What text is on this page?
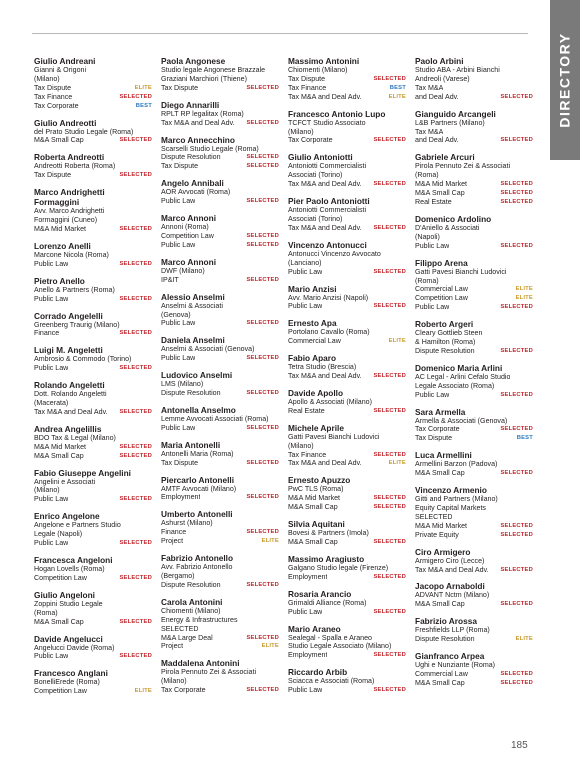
DIRECTORY
Giulio Andreani
Gianni & Origoni
(Milano)
Tax Dispute	ELITE
Tax Finance	SELECTED
Tax Corporate	BEST
Giulio Andreotti
del Prato Studio Legale (Roma)
M&A Small Cap	SELECTED
Roberta Andreotti
Andreotti Roberta (Roma)
Tax Dispute	SELECTED
Marco Andrighetti Formaggini
Avv. Marco Andrighetti
Formaggini (Cuneo)
M&A Mid Market	SELECTED
Lorenzo Anelli
Marcone Nicola (Roma)
Public Law	SELECTED
Pietro Anello
Anello & Partners (Roma)
Public Law	SELECTED
Corrado Angelelli
Greenberg Traurig (Milano)
Finance	SELECTED
Luigi M. Angeletti
Ambrosio & Commodo (Torino)
Public Law	SELECTED
Rolando Angeletti
Dott. Rolando Angeletti
(Macerata)
Tax M&A and Deal Adv. SELECTED
Andrea Angelillis
BDO Tax & Legal (Milano)
M&A Mid Market	SELECTED
M&A Small Cap	SELECTED
Fabio Giuseppe Angelini
Angelini e Associati
(Milano)
Public Law	SELECTED
Enrico Angelone
Angelone e Partners Studio
Legale (Napoli)
Public Law	SELECTED
Francesca Angeloni
Hogan Lovells (Roma)
Competition Law	SELECTED
Giulio Angeloni
Zoppini Studio Legale
(Roma)
M&A Small Cap	SELECTED
Davide Angelucci
Angelucci Davide (Roma)
Public Law	SELECTED
Francesco Anglani
BonelliErede (Roma)
Competition Law	ELITE
Paola Angonese
Studio legale Angonese Brazzale
Graziani Marchiori (Thiene)
Tax Dispute	SELECTED
Diego Annarilli
RPLT RP legalitax (Roma)
Tax M&A and Deal Adv. SELECTED
Marco Annecchino
Scarselli Studio Legale (Roma)
Dispute Resolution	SELECTED
Tax Dispute	SELECTED
Angelo Annibali
AOR Avvocati (Roma)
Public Law	SELECTED
Marco Annoni
Annoni (Roma)
Competition Law	SELECTED
Public Law	SELECTED
Marco Annoni
DWF (Milano)
IP&IT	SELECTED
Alessio Anselmi
Anselmi & Associati
(Genova)
Public Law	SELECTED
Daniela Anselmi
Anselmi & Associati (Genova)
Public Law	SELECTED
Ludovico Anselmi
LMS (Milano)
Dispute Resolution	SELECTED
Antonella Anselmo
Lemme Avvocati Associati (Roma)
Public Law	SELECTED
Maria Antonelli
Antonelli Maria (Roma)
Tax Dispute	SELECTED
Piercarlo Antonelli
AMTF Avvocati (Milano)
Employment	SELECTED
Umberto Antonelli
Ashurst (Milano)
Finance	SELECTED
Project	ELITE
Fabrizio Antonello
Avv. Fabrizio Antonello
(Bergamo)
Dispute Resolution	SELECTED
Carola Antonini
Chiomenti (Milano)
Energy & Infrastructures
SELECTED
M&A Large Deal	SELECTED
Project	ELITE
Maddalena Antonini
Pirola Pennuto Zei & Associati
(Milano)
Tax Corporate	SELECTED
Massimo Antonini
Chiomenti (Milano)
Tax Dispute	SELECTED
Tax Finance	BEST
Tax M&A and Deal Adv.	ELITE
Francesco Antonio Lupo
TCFCT Studio Associato
(Milano)
Tax Corporate	SELECTED
Giulio Antoniotti
Antoniotti Commercialisti
Associati (Torino)
Tax M&A and Deal Adv. SELECTED
Pier Paolo Antoniotti
Antoniotti Commercialisti
Associati (Torino)
Tax M&A and Deal Adv. SELECTED
Vincenzo Antonucci
Antonucci Vincenzo Avvocato
(Lanciano)
Public Law	SELECTED
Mario Anzisi
Avv. Mario Anzisi (Napoli)
Public Law	SELECTED
Ernesto Apa
Portolano Cavallo (Roma)
Commercial Law	ELITE
Fabio Aparo
Tetra Studio (Brescia)
Tax M&A and Deal Adv. SELECTED
Davide Apollo
Apollo & Associati (Milano)
Real Estate	SELECTED
Michele Aprile
Gatti Pavesi Bianchi Ludovici
(Milano)
Tax Finance	SELECTED
Tax M&A and Deal Adv.	ELITE
Ernesto Apuzzo
PwC TLS (Roma)
M&A Mid Market	SELECTED
M&A Small Cap	SELECTED
Silvia Aquitani
Bovesi & Partners (Imola)
M&A Small Cap	SELECTED
Massimo Aragiusto
Galgano Studio legale (Firenze)
Employment	SELECTED
Rosaria Arancio
Grimaldi Alliance (Roma)
Public Law	SELECTED
Mario Araneo
Sealegal - Spalla e Araneo
Studio Legale Associato (Milano)
Employment	SELECTED
Riccardo Arbib
Sciacca e Associati (Roma)
Public Law	SELECTED
Paolo Arbini
Studio ABA - Arbini Bianchi
Andreoli (Varese)
Tax M&A
and Deal Adv.	SELECTED
Gianguido Arcangeli
L&B Partners (Milano)
Tax M&A
and Deal Adv.	SELECTED
Gabriele Arcuri
Pirola Pennuto Zei & Associati
(Roma)
M&A Mid Market	SELECTED
M&A Small Cap	SELECTED
Real Estate	SELECTED
Domenico Ardolino
D'Aniello & Associati
(Napoli)
Public Law	SELECTED
Filippo Arena
Gatti Pavesi Bianchi Ludovici
(Roma)
Commercial Law	ELITE
Competition Law	ELITE
Public Law	SELECTED
Roberto Argeri
Cleary Gottlieb Steen
& Hamilton (Roma)
Dispute Resolution	SELECTED
Domenico Maria Arlini
AC Legal - Arlini Cefalo Studio
Legale Associato (Roma)
Public Law	SELECTED
Sara Armella
Armella & Associati (Genova)
Tax Corporate	SELECTED
Tax Dispute	BEST
Luca Armellini
Armellini Barzon (Padova)
M&A Small Cap	SELECTED
Vincenzo Armenio
Gitti and Partners (Milano)
Equity Capital Markets
SELECTED
M&A Mid Market	SELECTED
Private Equity	SELECTED
Ciro Armigero
Armigero Ciro (Lecce)
Tax M&A and Deal Adv. SELECTED
Jacopo Arnaboldi
ADVANT Nctm (Milano)
M&A Small Cap	SELECTED
Fabrizio Arossa
Freshfields LLP (Roma)
Dispute Resolution	ELITE
Gianfranco Arpea
Ughi e Nunziante (Roma)
Commercial Law	SELECTED
M&A Small Cap	SELECTED
185
